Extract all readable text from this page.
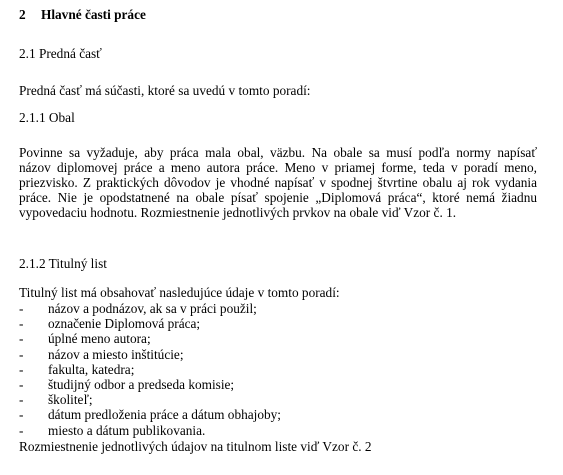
2 Hlavné časti práce
2.1 Predná časť
Predná časť má súčasti, ktoré sa uvedú v tomto poradí:
2.1.1 Obal
Povinne sa vyžaduje, aby práca mala obal, väzbu. Na obale sa musí podľa normy napísať
názov diplomovej práce a meno autora práce. Meno v priamej forme, teda v poradí meno,
priezvisko. Z praktických dôvodov je vhodné napísať v spodnej štvrtine obalu aj rok vydania
práce. Nie je opodstatnené na obale písať spojenie „Diplomová práca“, ktoré nemá žiadnu
vypovedaciu hodnotu. Rozmiestnenie jednotlivých prvkov na obale viď Vzor č. 1.
2.1.2 Titulný list
Titulný list má obsahovať nasledujúce údaje v tomto poradí:
- názov a podnázov, ak sa v práci použil;
- označenie Diplomová práca;
- úplné meno autora;
- názov a miesto inštitúcie;
- fakulta, katedra;
- študijný odbor a predseda komisie;
- školiteľ;
- dátum predloženia práce a dátum obhajoby;
- miesto a dátum publikovania.
Rozmiestnenie jednotlivých údajov na titulnom liste viď Vzor č. 2
